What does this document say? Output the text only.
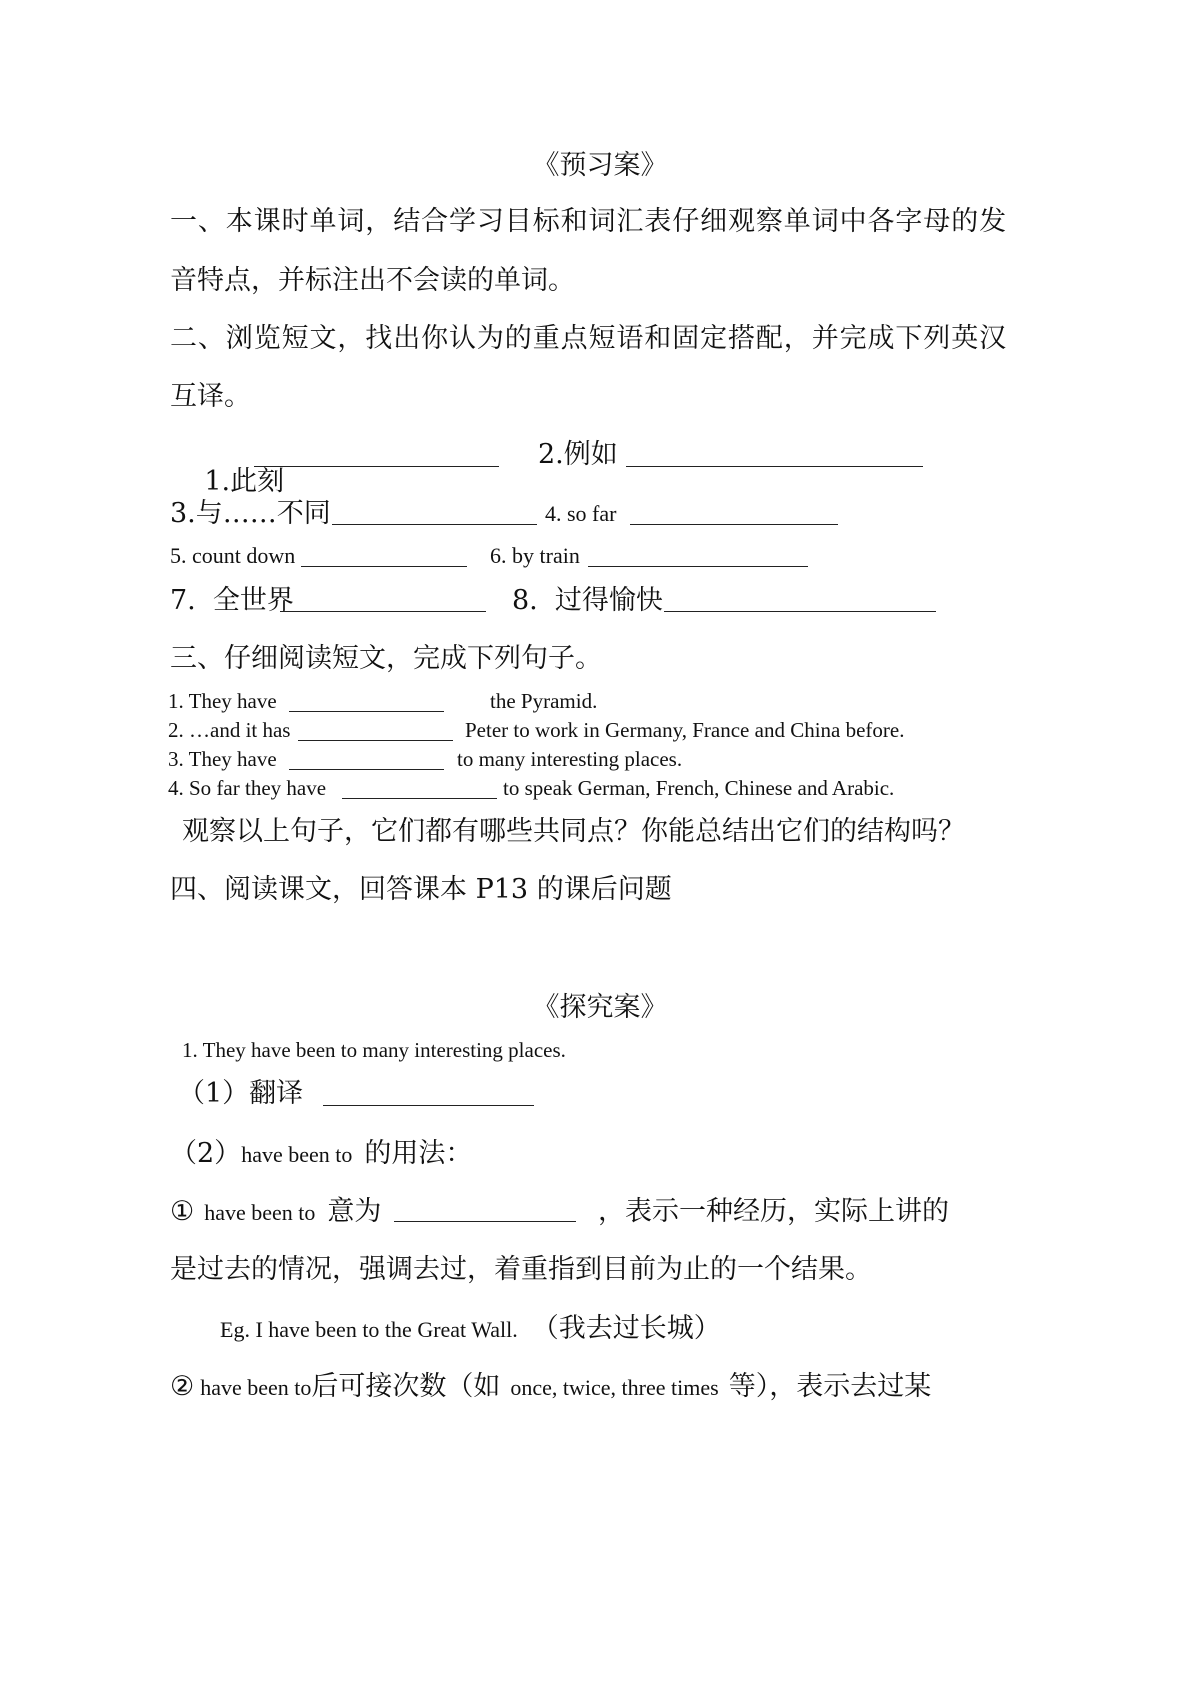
《预习案》
一、本课时单词，结合学习目标和词汇表仔细观察单词中各字母的发
音特点，并标注出不会读的单词。
二、浏览短文，找出你认为的重点短语和固定搭配，并完成下列英汉
互译。

1.此刻

2.例如
3.与……不同	4. so far
5. count down	6. by train
7.  全世界	8.  过得愉快
三、仔细阅读短文，完成下列句子。
1. They have	the Pyramid.
2. …and it has	Peter to work in Germany, France and China before.
3. They have	to many interesting places.
4. So far they have	to speak German, French, Chinese and Arabic.
观察以上句子，它们都有哪些共同点？你能总结出它们的结构吗？
四、阅读课文，回答课本 P13 的课后问题
《探究案》
1. They have been to many interesting places.
（1）翻译
（2）have been to 的用法：
① have been to 意为	，表示一种经历，实际上讲的
是过去的情况，强调去过，着重指到目前为止的一个结果。
Eg. I have been to the Great Wall. （我去过长城）
② have been to后可接次数（如 once, twice, three times 等），表示去过某
